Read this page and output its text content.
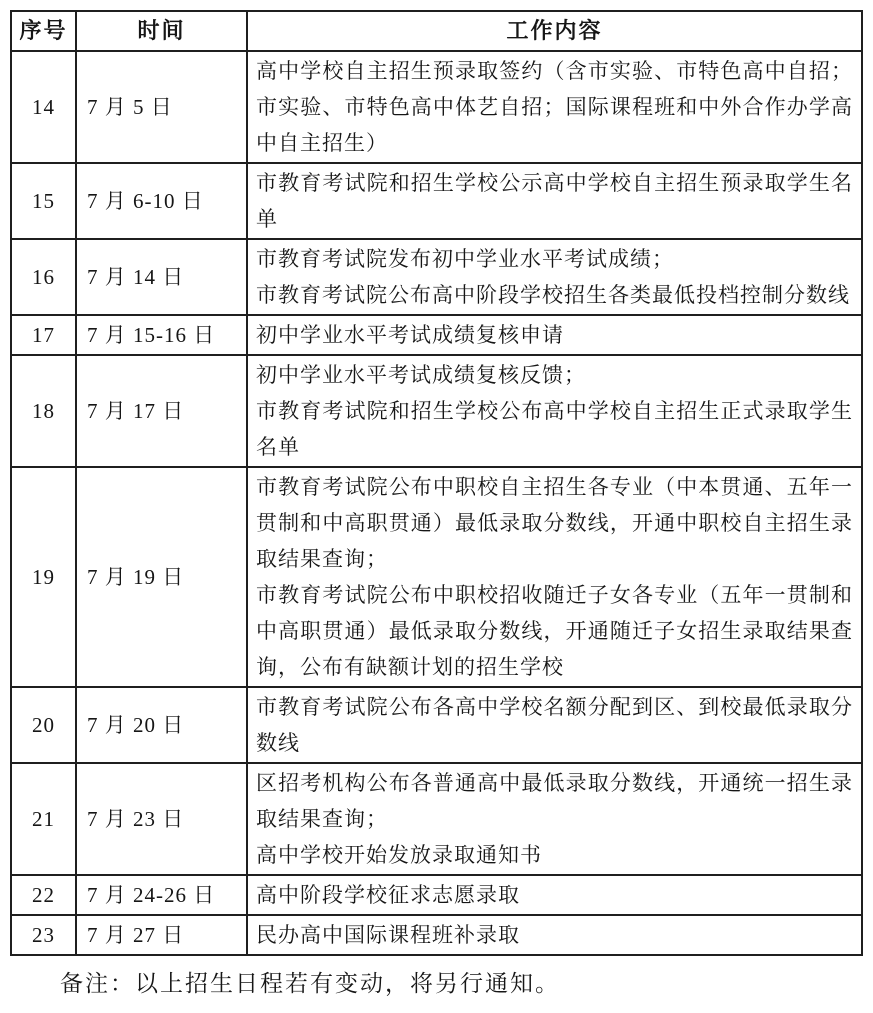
序号	时间	工作内容
14	7 月 5 日	高中学校自主招生预录取签约（含市实验、市特色高中自招；市实验、市特色高中体艺自招；国际课程班和中外合作办学高中自主招生）

15	7 月 6-10 日	市教育考试院和招生学校公示高中学校自主招生预录取学生名单

16	7 月 14 日	市教育考试院发布初中学业水平考试成绩；
市教育考试院公布高中阶段学校招生各类最低投档控制分数线

17	7 月 15-16 日	初中学业水平考试成绩复核申请

18	7 月 17 日	初中学业水平考试成绩复核反馈；
市教育考试院和招生学校公布高中学校自主招生正式录取学生名单

19	7 月 19 日	市教育考试院公布中职校自主招生各专业（中本贯通、五年一贯制和中高职贯通）最低录取分数线，开通中职校自主招生录取结果查询；
市教育考试院公布中职校招收随迁子女各专业（五年一贯制和中高职贯通）最低录取分数线，开通随迁子女招生录取结果查询，公布有缺额计划的招生学校

20	7 月 20 日	市教育考试院公布各高中学校名额分配到区、到校最低录取分数线

21	7 月 23 日	区招考机构公布各普通高中最低录取分数线，开通统一招生录取结果查询；
高中学校开始发放录取通知书

22	7 月 24-26 日	高中阶段学校征求志愿录取

23	7 月 27 日	民办高中国际课程班补录取

备注：以上招生日程若有变动，将另行通知。
